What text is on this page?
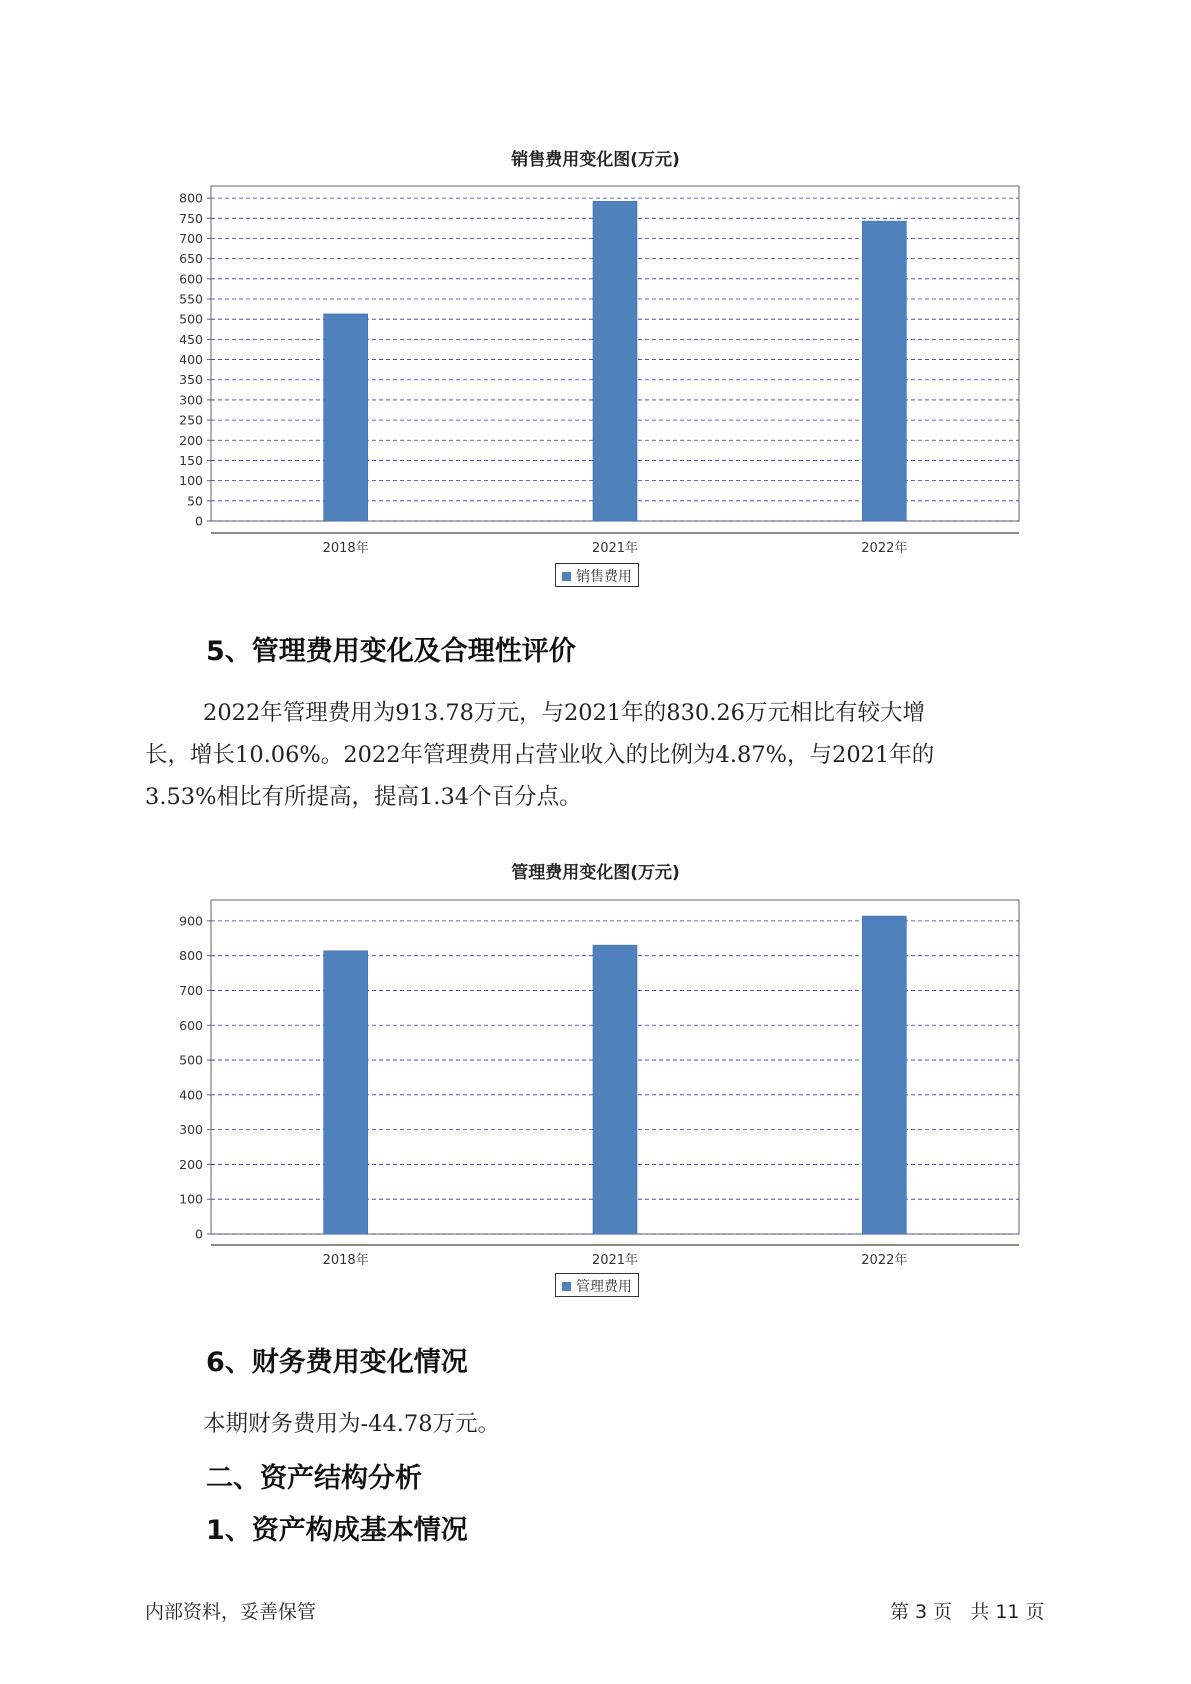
销售费用变化图(万元)
0
50
100
150
200
250
300
350
400
450
500
550
600
650
700
750
800
2018年	2021年	2022年
销售费用
5、管理费用变化及合理性评价
2022年管理费用为913.78万元，与2021年的830.26万元相比有较大增
长，增长10.06%。2022年管理费用占营业收入的比例为4.87%，与2021年的
3.53%相比有所提高，提高1.34个百分点。
管理费用变化图(万元)
0
100
200
300
400
500
600
700
800
900
2018年	2021年	2022年
管理费用
6、财务费用变化情况
本期财务费用为-44.78万元。
二、资产结构分析
1、资产构成基本情况
内部资料，妥善保管	第 3 页   共 11 页
